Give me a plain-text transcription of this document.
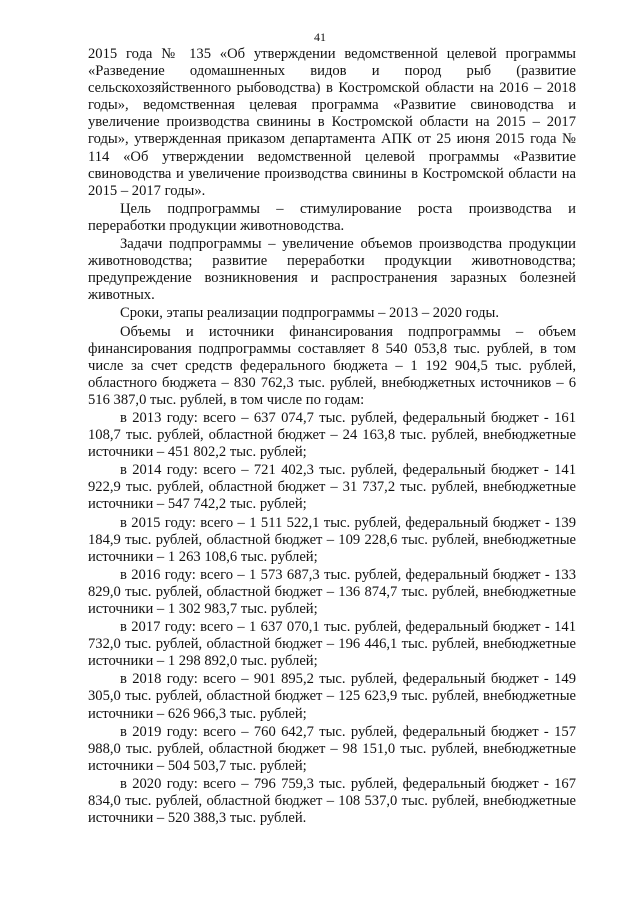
41

2015 года № 135 «Об утверждении ведомственной целевой программы «Разведение одомашненных видов и пород рыб (развитие сельскохозяйственного рыбоводства) в Костромской области на 2016 – 2018 годы», ведомственная целевая программа «Развитие свиноводства и увеличение производства свинины в Костромской области на 2015 – 2017 годы», утвержденная приказом департамента АПК от 25 июня 2015 года № 114 «Об утверждении ведомственной целевой программы «Развитие свиноводства и увеличение производства свинины в Костромской области на 2015 – 2017 годы».

Цель подпрограммы – стимулирование роста производства и переработки продукции животноводства.

Задачи подпрограммы – увеличение объемов производства продукции животноводства; развитие переработки продукции животноводства; предупреждение возникновения и распространения заразных болезней животных.

Сроки, этапы реализации подпрограммы – 2013 – 2020 годы.

Объемы и источники финансирования подпрограммы – объем финансирования подпрограммы составляет 8 540 053,8 тыс. рублей, в том числе за счет средств федерального бюджета – 1 192 904,5 тыс. рублей, областного бюджета – 830 762,3 тыс. рублей, внебюджетных источников – 6 516 387,0 тыс. рублей, в том числе по годам:

в 2013 году: всего – 637 074,7 тыс. рублей, федеральный бюджет - 161 108,7 тыс. рублей, областной бюджет – 24 163,8 тыс. рублей, внебюджетные источники – 451 802,2 тыс. рублей;

в 2014 году: всего – 721 402,3 тыс. рублей, федеральный бюджет - 141 922,9 тыс. рублей, областной бюджет – 31 737,2 тыс. рублей, внебюджетные источники – 547 742,2 тыс. рублей;

в 2015 году: всего – 1 511 522,1 тыс. рублей, федеральный бюджет - 139 184,9 тыс. рублей, областной бюджет – 109 228,6 тыс. рублей, внебюджетные источники – 1 263 108,6 тыс. рублей;

в 2016 году: всего – 1 573 687,3 тыс. рублей, федеральный бюджет - 133 829,0 тыс. рублей, областной бюджет – 136 874,7 тыс. рублей, внебюджетные источники – 1 302 983,7 тыс. рублей;

в 2017 году: всего – 1 637 070,1 тыс. рублей, федеральный бюджет - 141 732,0 тыс. рублей, областной бюджет – 196 446,1 тыс. рублей, внебюджетные источники – 1 298 892,0 тыс. рублей;

в 2018 году: всего – 901 895,2 тыс. рублей, федеральный бюджет - 149 305,0 тыс. рублей, областной бюджет – 125 623,9 тыс. рублей, внебюджетные источники – 626 966,3 тыс. рублей;

в 2019 году: всего – 760 642,7 тыс. рублей, федеральный бюджет - 157 988,0 тыс. рублей, областной бюджет – 98 151,0 тыс. рублей, внебюджетные источники – 504 503,7 тыс. рублей;

в 2020 году: всего – 796 759,3 тыс. рублей, федеральный бюджет - 167 834,0 тыс. рублей, областной бюджет – 108 537,0 тыс. рублей, внебюджетные источники – 520 388,3 тыс. рублей.
